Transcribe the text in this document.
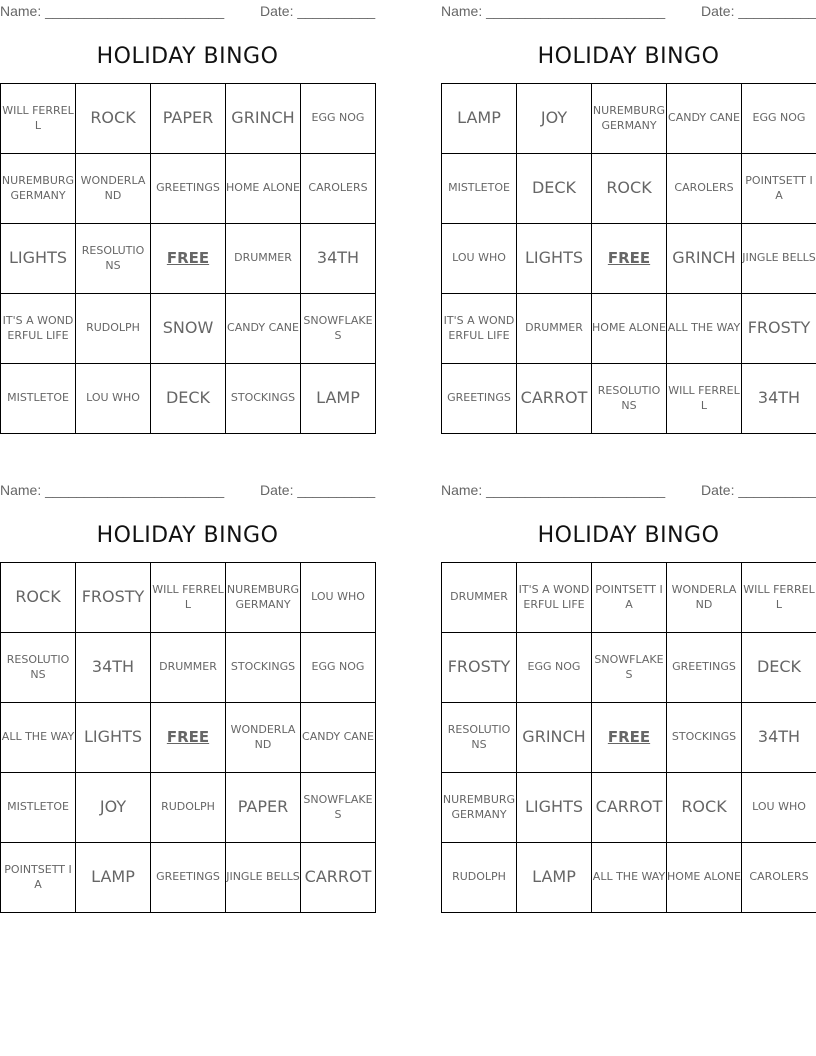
Name: _______________________	Date: __________
HOLIDAY BINGO
WILL FERRELL	ROCK	PAPER	GRINCH	EGG NOG
NUREMBURG GERMANY	WONDERLA ND	GREETINGS	HOME ALONE	CAROLERS
LIGHTS	RESOLUTIO NS	FREE	DRUMMER	34TH
IT'S A WONDERFUL LIFE	RUDOLPH	SNOW	CANDY CANE	SNOWFLAKE S
MISTLETOE	LOU WHO	DECK	STOCKINGS	LAMP
Name: _______________________	Date: __________
HOLIDAY BINGO
LAMP	JOY	NUREMBURG GERMANY	CANDY CANE	EGG NOG
MISTLETOE	DECK	ROCK	CAROLERS	POINTSETT IA
LOU WHO	LIGHTS	FREE	GRINCH	JINGLE BELLS
IT'S A WONDERFUL LIFE	DRUMMER	HOME ALONE	ALL THE WAY	FROSTY
GREETINGS	CARROT	RESOLUTIO NS	WILL FERRELL	34TH
Name: _______________________	Date: __________
HOLIDAY BINGO
ROCK	FROSTY	WILL FERRELL	NUREMBURG GERMANY	LOU WHO
RESOLUTIO NS	34TH	DRUMMER	STOCKINGS	EGG NOG
ALL THE WAY	LIGHTS	FREE	WONDERLA ND	CANDY CANE
MISTLETOE	JOY	RUDOLPH	PAPER	SNOWFLAKE S
POINTSETT IA	LAMP	GREETINGS	JINGLE BELLS	CARROT
Name: _______________________	Date: __________
HOLIDAY BINGO
DRUMMER	IT'S A WONDERFUL LIFE	POINTSETT IA	WONDERLA ND	WILL FERRELL
FROSTY	EGG NOG	SNOWFLAKE S	GREETINGS	DECK
RESOLUTIO NS	GRINCH	FREE	STOCKINGS	34TH
NUREMBURG GERMANY	LIGHTS	CARROT	ROCK	LOU WHO
RUDOLPH	LAMP	ALL THE WAY	HOME ALONE	CAROLERS
